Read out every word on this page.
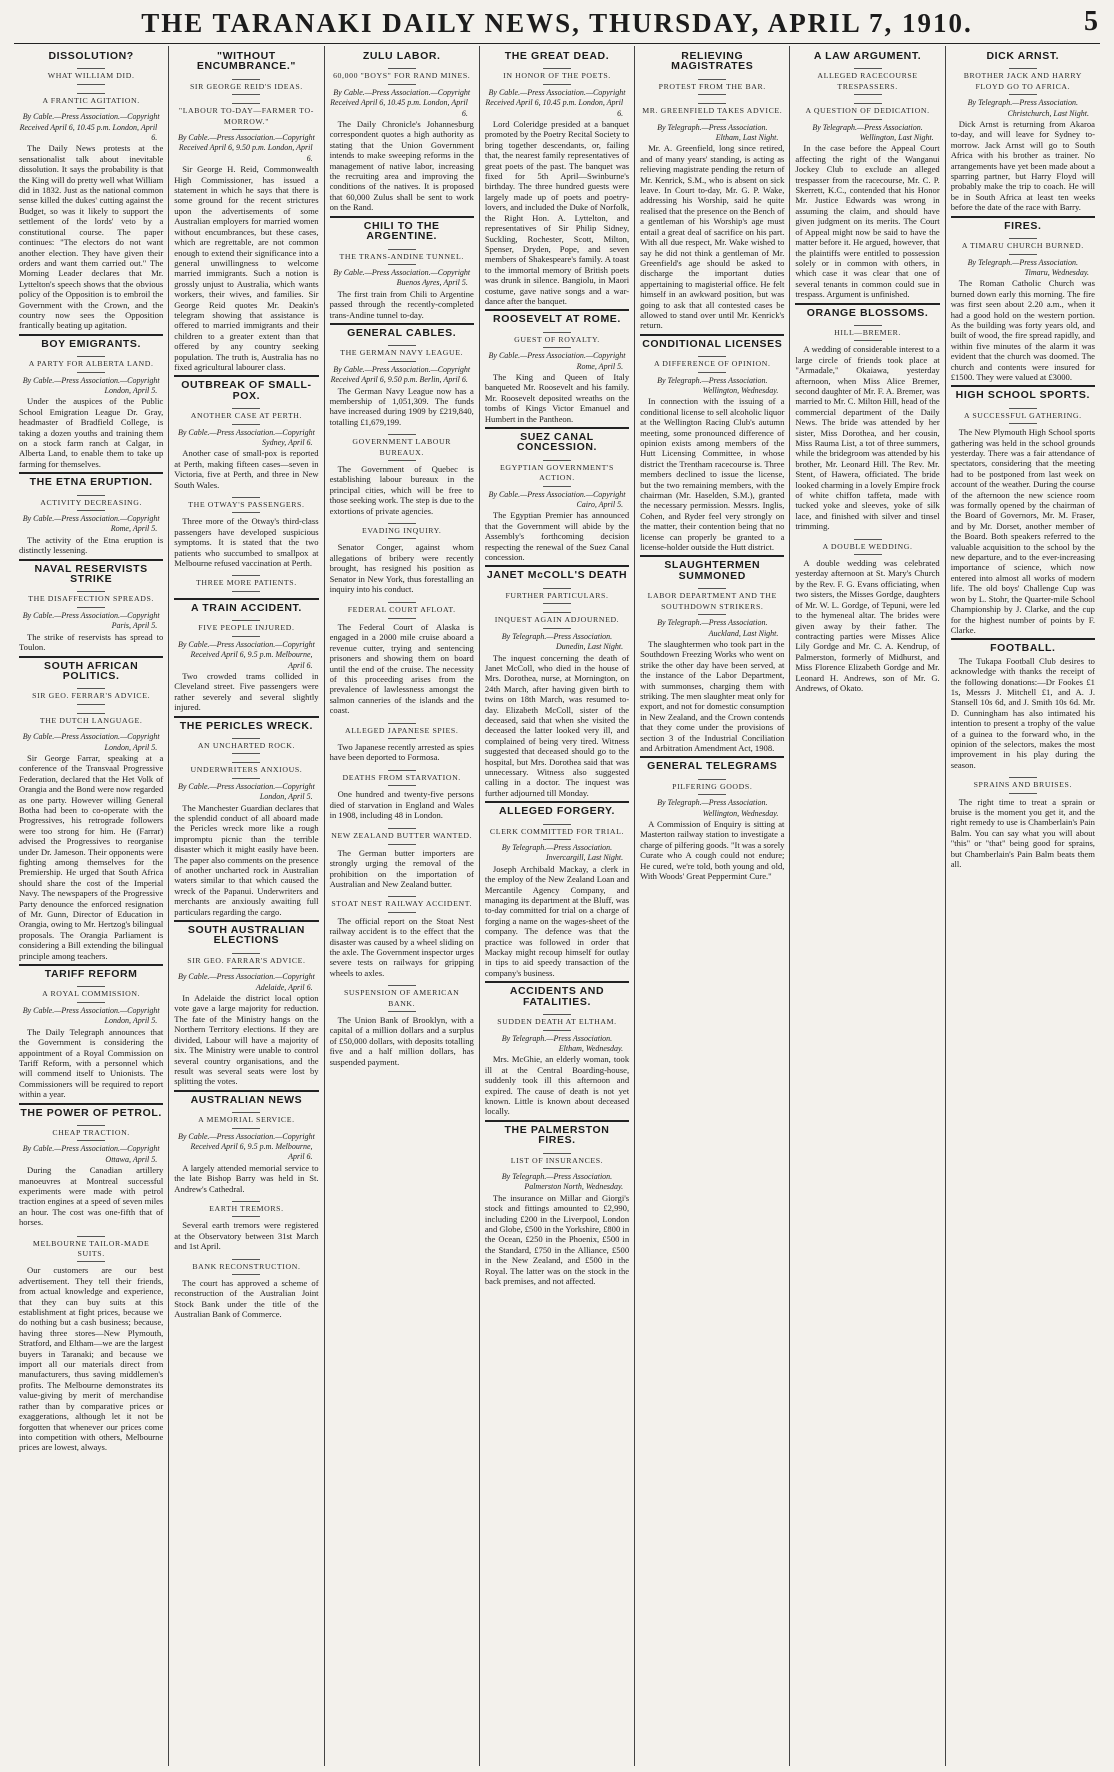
THE TARANAKI DAILY NEWS, THURSDAY, APRIL 7, 1910.	5
DISSOLUTION?
WHAT WILLIAM DID.
A FRANTIC AGITATION.
By Cable.—Press Association.—Copyright
Received April 6, 10.45 p.m. London, April 6.
The Daily News protests at the sensationalist talk about inevitable dissolution. It says the probability is that the King will do pretty well what William did in 1832. Just as the national common sense killed the dukes' cutting against the Budget, so was it likely to support the settlement of the lords' veto by a constitutional course. The paper continues: "The electors do not want another election. They have given their orders and want them carried out." The Morning Leader declares that Mr. Lyttelton's speech shows that the obvious policy of the Opposition is to embroil the Government with the Crown, and the country now sees the Opposition frantically beating up agitation.
BOY EMIGRANTS.
A PARTY FOR ALBERTA LAND.
By Cable.—Press Association.—Copyright
London, April 5.
Under the auspices of the Public School Emigration League Dr. Gray, headmaster of Bradfield College, is taking a dozen youths and training them on a stock farm ranch at Calgar, in Alberta Land, to enable them to take up farming for themselves.
THE ETNA ERUPTION.
ACTIVITY DECREASING.
By Cable.—Press Association.—Copyright
Rome, April 5.
The activity of the Etna eruption is distinctly lessening.
NAVAL RESERVISTS STRIKE
THE DISAFFECTION SPREADS.
By Cable.—Press Association.—Copyright
Paris, April 5.
The strike of reservists has spread to Toulon.
SOUTH AFRICAN POLITICS.
SIR GEO. FERRAR'S ADVICE.
THE DUTCH LANGUAGE.
By Cable.—Press Association.—Copyright
London, April 5.
Sir George Farrar, speaking at a conference of the Transvaal Progressive Federation, declared that the Het Volk of Orangia and the Bond were now regarded as one party. However willing General Botha had been to co-operate with the Progressives, his retrograde followers were too strong for him. He (Farrar) advised the Progressives to reorganise under Dr. Jameson. Their opponents were fighting among themselves for the Premiership. He urged that South Africa should share the cost of the Imperial Navy. The newspapers of the Progressive Party denounce the enforced resignation of Mr. Gunn, Director of Education in Orangia, owing to Mr. Hertzog's bilingual proposals. The Orangia Parliament is considering a Bill extending the bilingual principle among teachers.
TARIFF REFORM
A ROYAL COMMISSION.
By Cable.—Press Association.—Copyright
London, April 5.
The Daily Telegraph announces that the Government is considering the appointment of a Royal Commission on Tariff Reform, with a personnel which will commend itself to Unionists. The Commissioners will be required to report within a year.
THE POWER OF PETROL.
CHEAP TRACTION.
By Cable.—Press Association.—Copyright
Ottawa, April 5.
During the Canadian artillery manoeuvres at Montreal successful experiments were made with petrol traction engines at a speed of seven miles an hour. The cost was one-fifth that of horses.
MELBOURNE TAILOR-MADE SUITS.
Our customers are our best advertisement. They tell their friends, from actual knowledge and experience, that they can buy suits at this establishment at fight prices, because we do nothing but a cash business; because, having three stores—New Plymouth, Stratford, and Eltham—we are the largest buyers in Taranaki; and because we import all our materials direct from manufacturers, thus saving middlemen's profits. The Melbourne demonstrates its value-giving by merit of merchandise rather than by comparative prices or exaggerations, although let it not be forgotten that whenever our prices come into competition with others, Melbourne prices are lowest, always.
"WITHOUT ENCUMBRANCE."
SIR GEORGE REID'S IDEAS.
"LABOUR TO-DAY—FARMER TO-MORROW."
By Cable.—Press Association.—Copyright
Received April 6, 9.50 p.m. London, April 6.
Sir George H. Reid, Commonwealth High Commissioner, has issued a statement in which he says that there is some ground for the recent strictures upon the advertisements of some Australian employers for married women without encumbrances, but these cases, which are regrettable, are not common enough to extend their significance into a general unwillingness to welcome married immigrants. Such a notion is grossly unjust to Australia, which wants workers, their wives, and families. Sir George Reid quotes Mr. Deakin's telegram showing that assistance is offered to married immigrants and their children to a greater extent than that offered by any country seeking population. The truth is, Australia has no fixed agricultural labourer class.
OUTBREAK OF SMALL-POX.
ANOTHER CASE AT PERTH.
By Cable.—Press Association.—Copyright
Sydney, April 6.
Another case of small-pox is reported at Perth, making fifteen cases—seven in Victoria, five at Perth, and three in New South Wales.
THE OTWAY'S PASSENGERS.
Three more of the Otway's third-class passengers have developed suspicious symptoms. It is stated that the two patients who succumbed to smallpox at Melbourne refused vaccination at Perth.
THREE MORE PATIENTS.
A TRAIN ACCIDENT.
FIVE PEOPLE INJURED.
By Cable.—Press Association.—Copyright
Received April 6, 9.5 p.m. Melbourne, April 6.
Two crowded trams collided in Cleveland street. Five passengers were rather severely and several slightly injured.
THE PERICLES WRECK.
AN UNCHARTED ROCK.
UNDERWRITERS ANXIOUS.
By Cable.—Press Association.—Copyright
London, April 5.
The Manchester Guardian declares that the splendid conduct of all aboard made the Pericles wreck more like a rough impromptu picnic than the terrible disaster which it might easily have been. The paper also comments on the presence of another uncharted rock in Australian waters similar to that which caused the wreck of the Papanui. Underwriters and merchants are anxiously awaiting full particulars regarding the cargo.
SOUTH AUSTRALIAN ELECTIONS
SIR GEO. FARRAR'S ADVICE.
By Cable.—Press Association.—Copyright
Adelaide, April 6.
In Adelaide the district local option vote gave a large majority for reduction. The fate of the Ministry hangs on the Northern Territory elections. If they are divided, Labour will have a majority of six. The Ministry were unable to control several country organisations, and the result was several seats were lost by splitting the votes.
AUSTRALIAN NEWS
A MEMORIAL SERVICE.
By Cable.—Press Association.—Copyright
Received April 6, 9.5 p.m. Melbourne, April 6.
A largely attended memorial service to the late Bishop Barry was held in St. Andrew's Cathedral.
EARTH TREMORS.
Several earth tremors were registered at the Observatory between 31st March and 1st April.
BANK RECONSTRUCTION.
The court has approved a scheme of reconstruction of the Australian Joint Stock Bank under the title of the Australian Bank of Commerce.
ZULU LABOR.
60,000 "BOYS" FOR RAND MINES.
By Cable.—Press Association.—Copyright
Received April 6, 10.45 p.m. London, April 6.
The Daily Chronicle's Johannesburg correspondent quotes a high authority as stating that the Union Government intends to make sweeping reforms in the management of native labor, increasing the recruiting area and improving the conditions of the natives. It is proposed that 60,000 Zulus shall be sent to work on the Rand.
CHILI TO THE ARGENTINE.
THE TRANS-ANDINE TUNNEL.
By Cable.—Press Association.—Copyright
Buenos Ayres, April 5.
The first train from Chili to Argentine passed through the recently-completed trans-Andine tunnel to-day.
GENERAL CABLES.
THE GERMAN NAVY LEAGUE.
By Cable.—Press Association.—Copyright
Received April 6, 9.50 p.m. Berlin, April 6.
The German Navy League now has a membership of 1,051,309. The funds have increased during 1909 by £219,840, totalling £1,679,199.
GOVERNMENT LABOUR BUREAUX.
The Government of Quebec is establishing labour bureaux in the principal cities, which will be free to those seeking work. The step is due to the extortions of private agencies.
EVADING INQUIRY.
Senator Conger, against whom allegations of bribery were recently brought, has resigned his position as Senator in New York, thus forestalling an inquiry into his conduct.
FEDERAL COURT AFLOAT.
The Federal Court of Alaska is engaged in a 2000 mile cruise aboard a revenue cutter, trying and sentencing prisoners and showing them on board until the end of the cruise. The necessity of this proceeding arises from the prevalence of lawlessness amongst the salmon canneries of the islands and the coast.
ALLEGED JAPANESE SPIES.
Two Japanese recently arrested as spies have been deported to Formosa.
DEATHS FROM STARVATION.
One hundred and twenty-five persons died of starvation in England and Wales in 1908, including 48 in London.
NEW ZEALAND BUTTER WANTED.
The German butter importers are strongly urging the removal of the prohibition on the importation of Australian and New Zealand butter.
STOAT NEST RAILWAY ACCIDENT.
The official report on the Stoat Nest railway accident is to the effect that the disaster was caused by a wheel sliding on the axle. The Government inspector urges severe tests on railways for gripping wheels to axles.
SUSPENSION OF AMERICAN BANK.
The Union Bank of Brooklyn, with a capital of a million dollars and a surplus of £50,000 dollars, with deposits totalling five and a half million dollars, has suspended payment.
THE GREAT DEAD.
IN HONOR OF THE POETS.
By Cable.—Press Association.—Copyright
Received April 6, 10.45 p.m. London, April 6.
Lord Coleridge presided at a banquet promoted by the Poetry Recital Society to bring together descendants, or, failing that, the nearest family representatives of great poets of the past. The banquet was fixed for 5th April—Swinburne's birthday. The three hundred guests were largely made up of poets and poetry-lovers, and included the Duke of Norfolk, the Right Hon. A. Lyttelton, and representatives of Sir Philip Sidney, Suckling, Rochester, Scott, Milton, Spenser, Dryden, Pope, and seven members of Shakespeare's family. A toast to the immortal memory of British poets was drunk in silence. Bangiolu, in Maori costume, gave native songs and a war-dance after the banquet.
ROOSEVELT AT ROME.
GUEST OF ROYALTY.
By Cable.—Press Association.—Copyright
Rome, April 5.
The King and Queen of Italy banqueted Mr. Roosevelt and his family. Mr. Roosevelt deposited wreaths on the tombs of Kings Victor Emanuel and Humbert in the Pantheon.
SUEZ CANAL CONCESSION.
EGYPTIAN GOVERNMENT'S ACTION.
By Cable.—Press Association.—Copyright
Cairo, April 5.
The Egyptian Premier has announced that the Government will abide by the Assembly's forthcoming decision respecting the renewal of the Suez Canal concession.
JANET McCOLL'S DEATH
FURTHER PARTICULARS.
INQUEST AGAIN ADJOURNED.
By Telegraph.—Press Association.
Dunedin, Last Night.
The inquest concerning the death of Janet McColl, who died in the house of Mrs. Dorothea, nurse, at Mornington, on 24th March, after having given birth to twins on 18th March, was resumed to-day. Elizabeth McColl, sister of the deceased, said that when she visited the deceased the latter looked very ill, and complained of being very tired. Witness suggested that deceased should go to the hospital, but Mrs. Dorothea said that was unnecessary. Witness also suggested calling in a doctor. The inquest was further adjourned till Monday.
ALLEGED FORGERY.
CLERK COMMITTED FOR TRIAL.
By Telegraph.—Press Association.
Invercargill, Last Night.
Joseph Archibald Mackay, a clerk in the employ of the New Zealand Loan and Mercantile Agency Company, and managing its department at the Bluff, was to-day committed for trial on a charge of forging a name on the wages-sheet of the company. The defence was that the practice was followed in order that Mackay might recoup himself for outlay in tips to aid speedy transaction of the company's business.
ACCIDENTS AND FATALITIES.
SUDDEN DEATH AT ELTHAM.
By Telegraph.—Press Association.
Eltham, Wednesday.
Mrs. McGhie, an elderly woman, took ill at the Central Boarding-house, suddenly took ill this afternoon and expired. The cause of death is not yet known. Little is known about deceased locally.
THE PALMERSTON FIRES.
LIST OF INSURANCES.
By Telegraph.—Press Association.
Palmerston North, Wednesday.
The insurance on Millar and Giorgi's stock and fittings amounted to £2,990, including £200 in the Liverpool, London and Globe, £500 in the Yorkshire, £800 in the Ocean, £250 in the Phoenix, £500 in the Standard, £750 in the Alliance, £500 in the New Zealand, and £500 in the Royal. The latter was on the stock in the back premises, and not affected.
RELIEVING MAGISTRATES
PROTEST FROM THE BAR.
MR. GREENFIELD TAKES ADVICE.
By Telegraph.—Press Association.
Eltham, Last Night.
Mr. A. Greenfield, long since retired, and of many years' standing, is acting as relieving magistrate pending the return of Mr. Kenrick, S.M., who is absent on sick leave. In Court to-day, Mr. G. P. Wake, addressing his Worship, said he quite realised that the presence on the Bench of a gentleman of his Worship's age must entail a great deal of sacrifice on his part. With all due respect, Mr. Wake wished to say he did not think a gentleman of Mr. Greenfield's age should be asked to discharge the important duties appertaining to magisterial office. He felt himself in an awkward position, but was going to ask that all contested cases be allowed to stand over until Mr. Kenrick's return.
CONDITIONAL LICENSES
A DIFFERENCE OF OPINION.
By Telegraph.—Press Association.
Wellington, Wednesday.
In connection with the issuing of a conditional license to sell alcoholic liquor at the Wellington Racing Club's autumn meeting, some pronounced difference of opinion exists among members of the Hutt Licensing Committee, in whose district the Trentham racecourse is. Three members declined to issue the license, but the two remaining members, with the chairman (Mr. Haselden, S.M.), granted the necessary permission. Messrs. Inglis, Cohen, and Ryder feel very strongly on the matter, their contention being that no license can properly be granted to a license-holder outside the Hutt district.
SLAUGHTERMEN SUMMONED
LABOR DEPARTMENT AND THE SOUTHDOWN STRIKERS.
By Telegraph.—Press Association.
Auckland, Last Night.
The slaughtermen who took part in the Southdown Freezing Works who went on strike the other day have been served, at the instance of the Labor Department, with summonses, charging them with striking. The men slaughter meat only for export, and not for domestic consumption in New Zealand, and the Crown contends that they come under the provisions of section 3 of the Industrial Conciliation and Arbitration Amendment Act, 1908.
GENERAL TELEGRAMS
PILFERING GOODS.
By Telegraph.—Press Association.
Wellington, Wednesday.
A Commission of Enquiry is sitting at Masterton railway station to investigate a charge of pilfering goods. "It was a sorely Curate who A cough could not endure; He cured, we're told, both young and old, With Woods' Great Peppermint Cure."
A LAW ARGUMENT.
ALLEGED RACECOURSE TRESPASSERS.
A QUESTION OF DEDICATION.
By Telegraph.—Press Association.
Wellington, Last Night.
In the case before the Appeal Court affecting the right of the Wanganui Jockey Club to exclude an alleged trespasser from the racecourse, Mr. C. P. Skerrett, K.C., contended that his Honor Mr. Justice Edwards was wrong in assuming the claim, and should have given judgment on its merits. The Court of Appeal might now be said to have the matter before it. He argued, however, that the plaintiffs were entitled to possession solely or in common with others, in which case it was clear that one of several tenants in common could sue in trespass. Argument is unfinished.
ORANGE BLOSSOMS.
HILL—BREMER.
A wedding of considerable interest to a large circle of friends took place at "Armadale," Okaiawa, yesterday afternoon, when Miss Alice Bremer, second daughter of Mr. F. A. Bremer, was married to Mr. C. Milton Hill, head of the commercial department of the Daily News. The bride was attended by her sister, Miss Dorothea, and her cousin, Miss Rauma List, a tot of three summers, while the bridegroom was attended by his brother, Mr. Leonard Hill. The Rev. Mr. Stent, of Hawera, officiated. The bride looked charming in a lovely Empire frock of white chiffon taffeta, made with tucked yoke and sleeves, yoke of silk lace, and finished with silver and tinsel trimming.
A DOUBLE WEDDING.
A double wedding was celebrated yesterday afternoon at St. Mary's Church by the Rev. F. G. Evans officiating, when two sisters, the Misses Gordge, daughters of Mr. W. L. Gordge, of Tepuni, were led to the hymeneal altar. The brides were given away by their father. The contracting parties were Misses Alice Lily Gordge and Mr. C. A. Kendrup, of Palmerston, formerly of Midhurst, and Miss Florence Elizabeth Gordge and Mr. Leonard H. Andrews, son of Mr. G. Andrews, of Okato.
DICK ARNST.
BROTHER JACK AND HARRY FLOYD GO TO AFRICA.
By Telegraph.—Press Association.
Christchurch, Last Night.
Dick Arnst is returning from Akaroa to-day, and will leave for Sydney to-morrow. Jack Arnst will go to South Africa with his brother as trainer. No arrangements have yet been made about a sparring partner, but Harry Floyd will probably make the trip to coach. He will be in South Africa at least ten weeks before the date of the race with Barry.
FIRES.
A TIMARU CHURCH BURNED.
By Telegraph.—Press Association.
Timaru, Wednesday.
The Roman Catholic Church was burned down early this morning. The fire was first seen about 2.20 a.m., when it had a good hold on the western portion. As the building was forty years old, and built of wood, the fire spread rapidly, and within five minutes of the alarm it was evident that the church was doomed. The church and contents were insured for £1500. They were valued at £3000.
HIGH SCHOOL SPORTS.
A SUCCESSFUL GATHERING.
The New Plymouth High School sports gathering was held in the school grounds yesterday. There was a fair attendance of spectators, considering that the meeting had to be postponed from last week on account of the weather. During the course of the afternoon the new science room was formally opened by the chairman of the Board of Governors, Mr. M. Fraser, and by Mr. Dorset, another member of the Board. Both speakers referred to the valuable acquisition to the school by the new departure, and to the ever-increasing importance of science, which now entered into almost all works of modern life. The old boys' Challenge Cup was won by L. Stohr, the Quarter-mile School Championship by J. Clarke, and the cup for the highest number of points by F. Clarke.
FOOTBALL.
The Tukapa Football Club desires to acknowledge with thanks the receipt of the following donations:—Dr Fookes £1 1s, Messrs J. Mitchell £1, and A. J. Stansell 10s 6d, and J. Smith 10s 6d. Mr. D. Cunningham has also intimated his intention to present a trophy of the value of a guinea to the forward who, in the opinion of the selectors, makes the most improvement in his play during the season.
SPRAINS AND BRUISES.
The right time to treat a sprain or bruise is the moment you get it, and the right remedy to use is Chamberlain's Pain Balm. You can say what you will about "this" or "that" being good for sprains, but Chamberlain's Pain Balm beats them all.
